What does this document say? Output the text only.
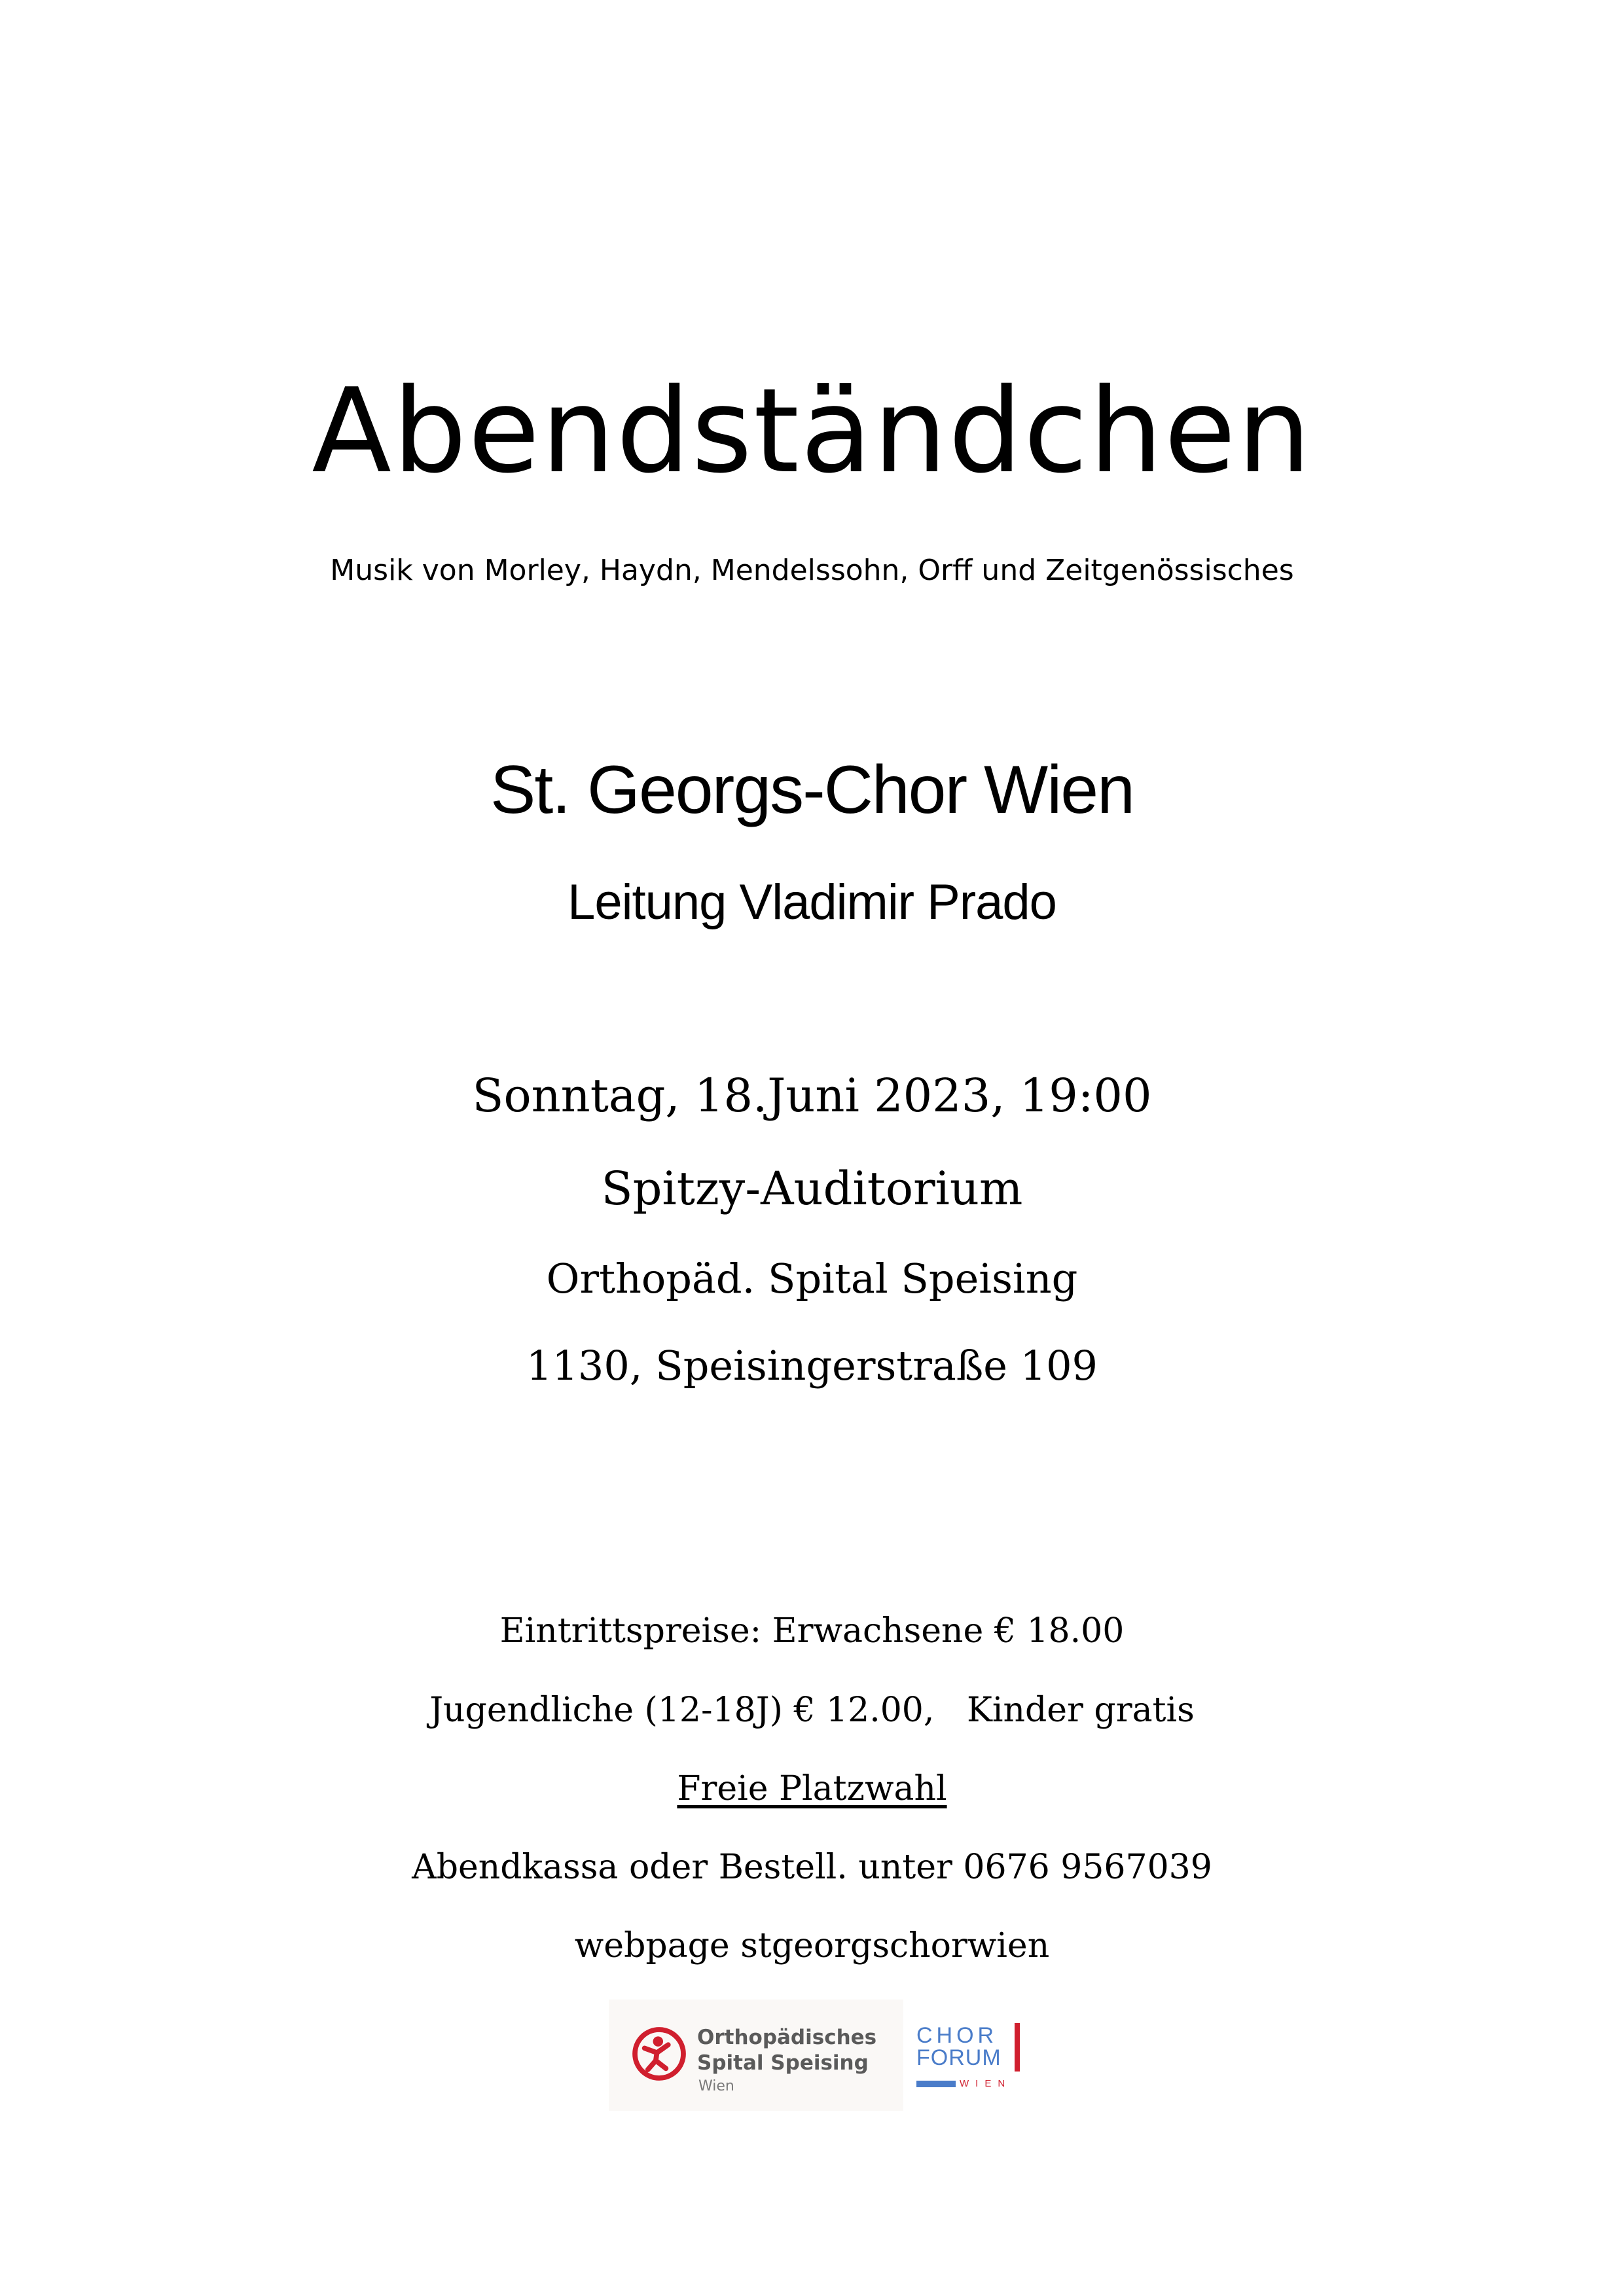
Abendständchen
Musik von Morley, Haydn, Mendelssohn, Orff und Zeitgenössisches
St. Georgs-Chor Wien
Leitung Vladimir Prado
Sonntag, 18.Juni 2023, 19:00
Spitzy-Auditorium
Orthopäd. Spital Speising
1130, Speisingerstraße 109
Eintrittspreise: Erwachsene € 18.00
Jugendliche (12-18J) € 12.00,   Kinder gratis
Freie Platzwahl
Abendkassa oder Bestell. unter 0676 9567039
webpage stgeorgschorwien
Orthopädisches
Spital Speising
Wien
CHOR
FORUM
WIEN
